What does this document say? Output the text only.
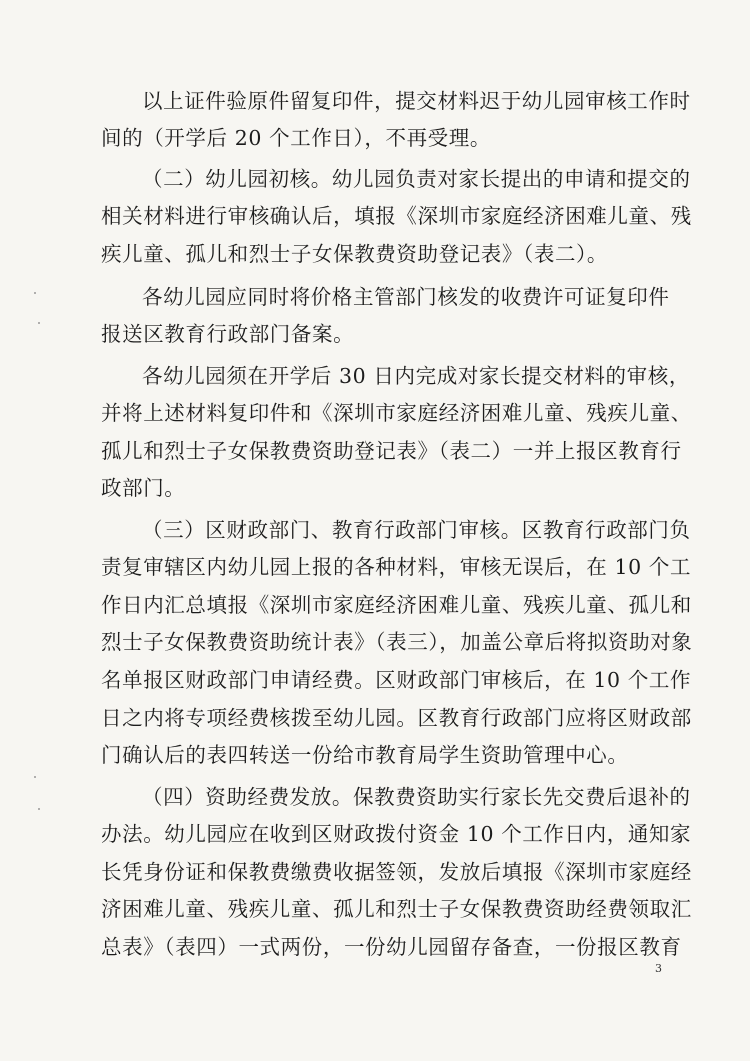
以上证件验原件留复印件，提交材料迟于幼儿园审核工作时
间的（开学后 20 个工作日），不再受理。
（二）幼儿园初核。幼儿园负责对家长提出的申请和提交的
相关材料进行审核确认后，填报《深圳市家庭经济困难儿童、残
疾儿童、孤儿和烈士子女保教费资助登记表》（表二）。
各幼儿园应同时将价格主管部门核发的收费许可证复印件
报送区教育行政部门备案。
各幼儿园须在开学后 30 日内完成对家长提交材料的审核，
并将上述材料复印件和《深圳市家庭经济困难儿童、残疾儿童、
孤儿和烈士子女保教费资助登记表》（表二）一并上报区教育行
政部门。
（三）区财政部门、教育行政部门审核。区教育行政部门负
责复审辖区内幼儿园上报的各种材料，审核无误后，在 10 个工
作日内汇总填报《深圳市家庭经济困难儿童、残疾儿童、孤儿和
烈士子女保教费资助统计表》（表三），加盖公章后将拟资助对象
名单报区财政部门申请经费。区财政部门审核后，在 10 个工作
日之内将专项经费核拨至幼儿园。区教育行政部门应将区财政部
门确认后的表四转送一份给市教育局学生资助管理中心。
（四）资助经费发放。保教费资助实行家长先交费后退补的
办法。幼儿园应在收到区财政拨付资金 10 个工作日内，通知家
长凭身份证和保教费缴费收据签领，发放后填报《深圳市家庭经
济困难儿童、残疾儿童、孤儿和烈士子女保教费资助经费领取汇
总表》（表四）一式两份，一份幼儿园留存备查，一份报区教育
3
